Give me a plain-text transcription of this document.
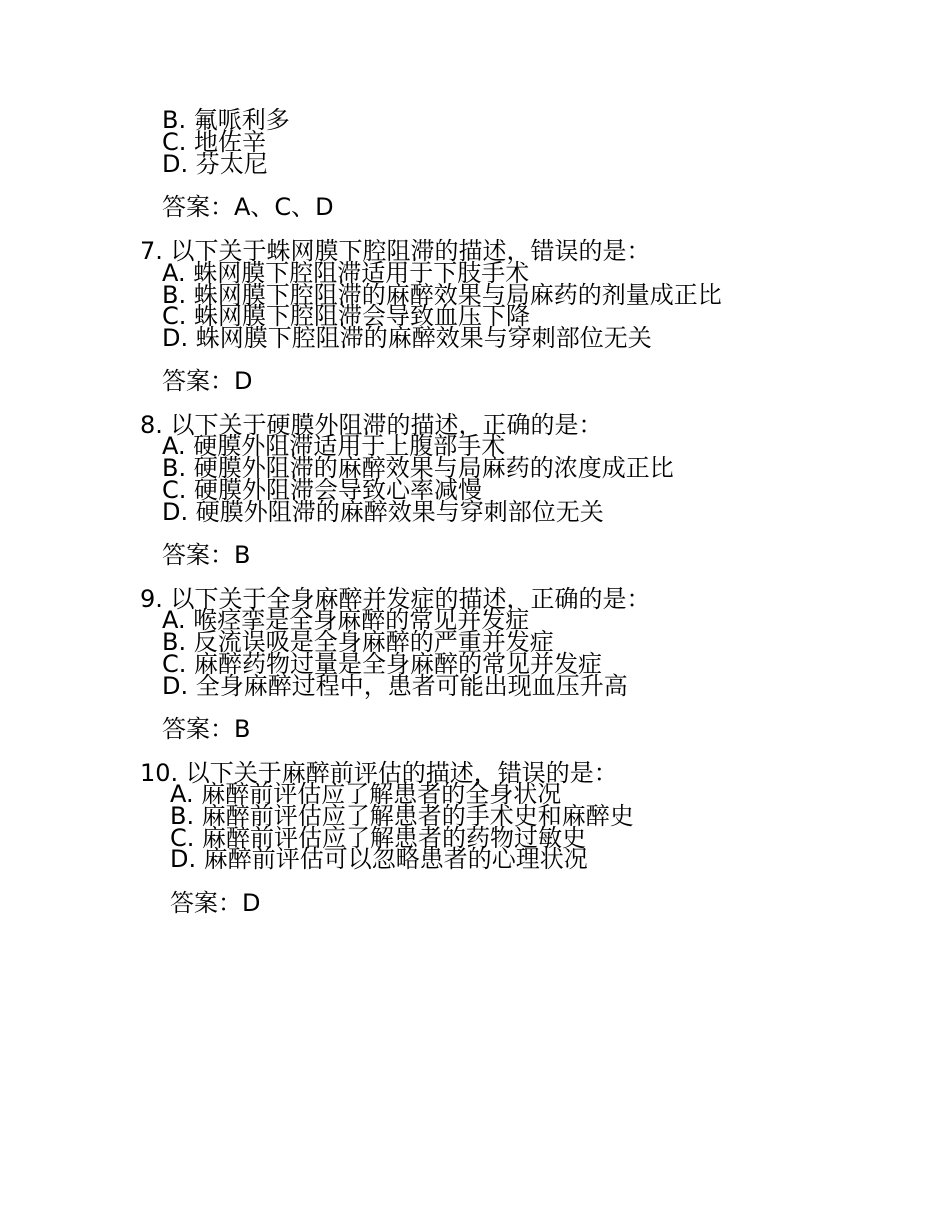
B. 氟哌利多
C. 地佐辛
D. 芬太尼
答案：A、C、D
7. 以下关于蛛网膜下腔阻滞的描述，错误的是：
A. 蛛网膜下腔阻滞适用于下肢手术
B. 蛛网膜下腔阻滞的麻醉效果与局麻药的剂量成正比
C. 蛛网膜下腔阻滞会导致血压下降
D. 蛛网膜下腔阻滞的麻醉效果与穿刺部位无关
答案：D
8. 以下关于硬膜外阻滞的描述，正确的是：
A. 硬膜外阻滞适用于上腹部手术
B. 硬膜外阻滞的麻醉效果与局麻药的浓度成正比
C. 硬膜外阻滞会导致心率减慢
D. 硬膜外阻滞的麻醉效果与穿刺部位无关
答案：B
9. 以下关于全身麻醉并发症的描述，正确的是：
A. 喉痉挛是全身麻醉的常见并发症
B. 反流误吸是全身麻醉的严重并发症
C. 麻醉药物过量是全身麻醉的常见并发症
D. 全身麻醉过程中，患者可能出现血压升高
答案：B
10. 以下关于麻醉前评估的描述，错误的是：
A. 麻醉前评估应了解患者的全身状况
B. 麻醉前评估应了解患者的手术史和麻醉史
C. 麻醉前评估应了解患者的药物过敏史
D. 麻醉前评估可以忽略患者的心理状况
答案：D
